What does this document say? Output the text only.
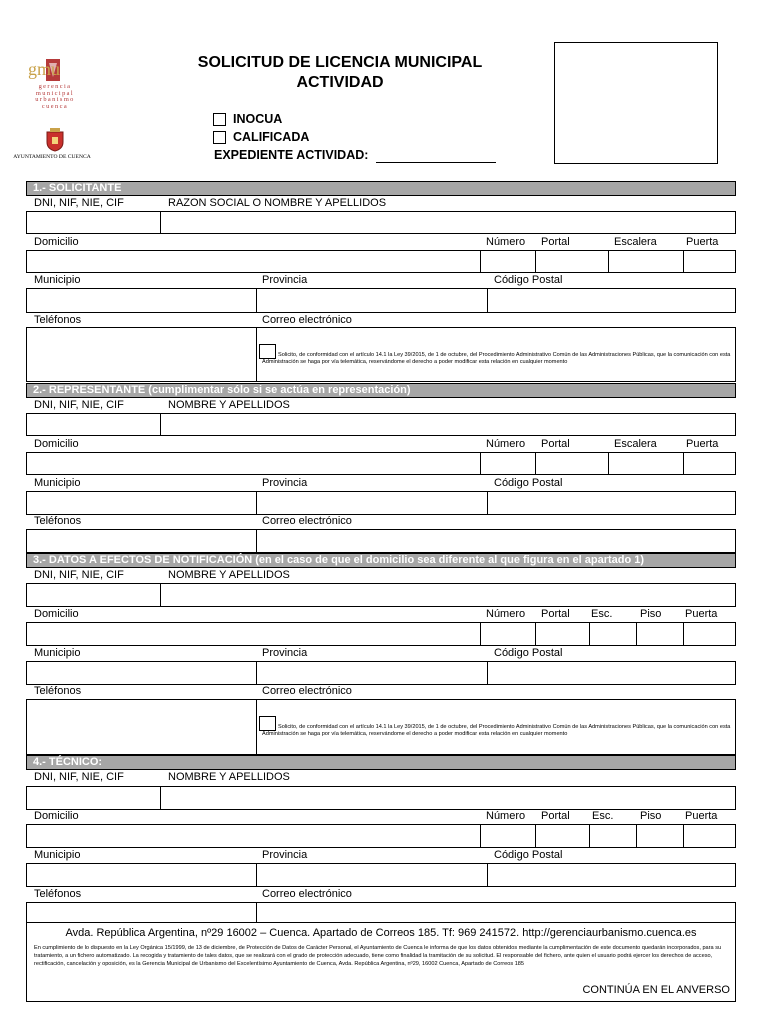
gmu
gerencia
municipal
urbanismo
cuenca
AYUNTAMIENTO DE CUENCA
SOLICITUD DE LICENCIA MUNICIPAL
ACTIVIDAD
INOCUA
CALIFICADA
EXPEDIENTE ACTIVIDAD:
1.- SOLICITANTE
DNI, NIF, NIE, CIF	RAZON SOCIAL O NOMBRE Y APELLIDOS
Domicilio	Número Portal	Escalera	Puerta
Municipio	Provincia	Código Postal
Teléfonos	Correo electrónico
Solicito, de conformidad con el artículo 14.1 la Ley 39/2015, de 1 de octubre, del Procedimiento Administrativo Común de las Administraciones Públicas, que la comunicación con esta Administración se haga por vía telemática, reservándome el derecho a poder modificar esta relación en cualquier momento
2.- REPRESENTANTE (cumplimentar sólo si se actúa en representación)
DNI, NIF, NIE, CIF	NOMBRE Y APELLIDOS
Domicilio	Número Portal	Escalera	Puerta
Municipio	Provincia	Código Postal
Teléfonos	Correo electrónico
3.- DATOS A EFECTOS DE NOTIFICACIÓN (en el caso de que el domicilio sea diferente al que figura en el apartado 1)
DNI, NIF, NIE, CIF	NOMBRE Y APELLIDOS
Domicilio	Número Portal Esc.	Piso Puerta
Municipio	Provincia	Código Postal
Teléfonos	Correo electrónico
Solicito, de conformidad con el artículo 14.1 la Ley 39/2015, de 1 de octubre, del Procedimiento Administrativo Común de las Administraciones Públicas, que la comunicación con esta Administración se haga por vía telemática, reservándome el derecho a poder modificar esta relación en cualquier momento
4.- TÉCNICO:
DNI, NIF, NIE, CIF	NOMBRE Y APELLIDOS
Domicilio	Número Portal Esc. Piso Puerta
Municipio	Provincia	Código Postal
Teléfonos	Correo electrónico
Avda. República Argentina, nº29 16002 – Cuenca. Apartado de Correos 185. Tf: 969 241572. http://gerenciaurbanismo.cuenca.es
En cumplimiento de lo dispuesto en la Ley Orgánica 15/1999, de 13 de diciembre, de Protección de Datos de Carácter Personal, el Ayuntamiento de Cuenca le informa de que los datos obtenidos mediante la cumplimentación de este documento quedarán incorporados, para su tratamiento, a un fichero automatizado. La recogida y tratamiento de tales datos, que se realizará con el grado de protección adecuado, tiene como finalidad la tramitación de su solicitud. El responsable del fichero, ante quien el usuario podrá ejercer los derechos de acceso, rectificación, cancelación y oposición, es la Gerencia Municipal de Urbanismo del Excelentísimo Ayuntamiento de Cuenca, Avda. República Argentina, nº29, 16002 Cuenca, Apartado de Correos 185
CONTINÚA EN EL ANVERSO
